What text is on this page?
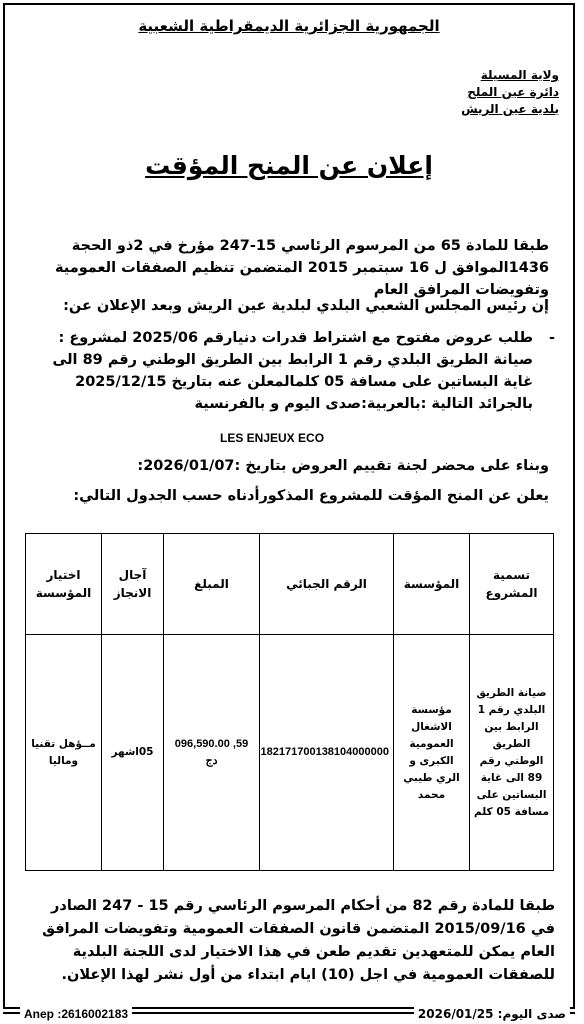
الجمهورية الجزائرية الديمقراطية الشعبية
ولاية المسيلة
دائرة عين الملح
بلدية عين الريش
إعلان عن المنح المؤقت
طبقا للمادة 65 من المرسوم الرئاسي 15-247 مؤرخ في 2ذو الحجة 1436الموافق ل 16 سبتمبر 2015 المتضمن تنظيم الصفقات العمومية وتفويضات المرافق العام
إن رئيس المجلس الشعبي البلدي لبلدية عين الريش وبعد الإعلان عن:
-
طلب عروض مفتوح مع اشتراط قدرات دنيارقم 2025/06 لمشروع : صيانة الطريق البلدي رقم 1 الرابط بين الطريق الوطني رقم 89 الى غاية البساتين على مسافة 05 كلمالمعلن عنه بتاريخ 2025/12/15 بالجرائد التالية :بالعربية:صدى اليوم و بالفرنسية
LES ENJEUX ECO
وبناء على محضر لجنة تقييم العروض بتاريخ :2026/01/07:
يعلن عن المنح المؤقت للمشروع المذكورأدناه حسب الجدول التالي:
تسمية المشروع	المؤسسة	الرقم الجبائي	المبلغ	آجال الانجاز	اختيار المؤسسة
صيانة الطريق البلدي رقم 1 الرابط بين الطريق الوطني رقم 89 الى غاية البساتين على مسافة 05 كلم	مؤسسة الاشغال العمومية الكبرى و الري طيبي محمد	182171700138104000000	59, 096,590.00 دج	05اشهر	مــؤهل تقنيا وماليا
طبقا للمادة رقم 82 من أحكام المرسوم الرئاسي رقم 15 - 247 الصادر في 2015/09/16 المتضمن قانون الصفقات العمومية وتفويضات المرافق العام يمكن للمتعهدين تقديم طعن في هذا الاختيار لدى اللجنة البلدية للصفقات العمومية في اجل (10) ايام ابتداء من أول نشر لهذا الإعلان.
Anep :2616002183	صدى اليوم: 2026/01/25
